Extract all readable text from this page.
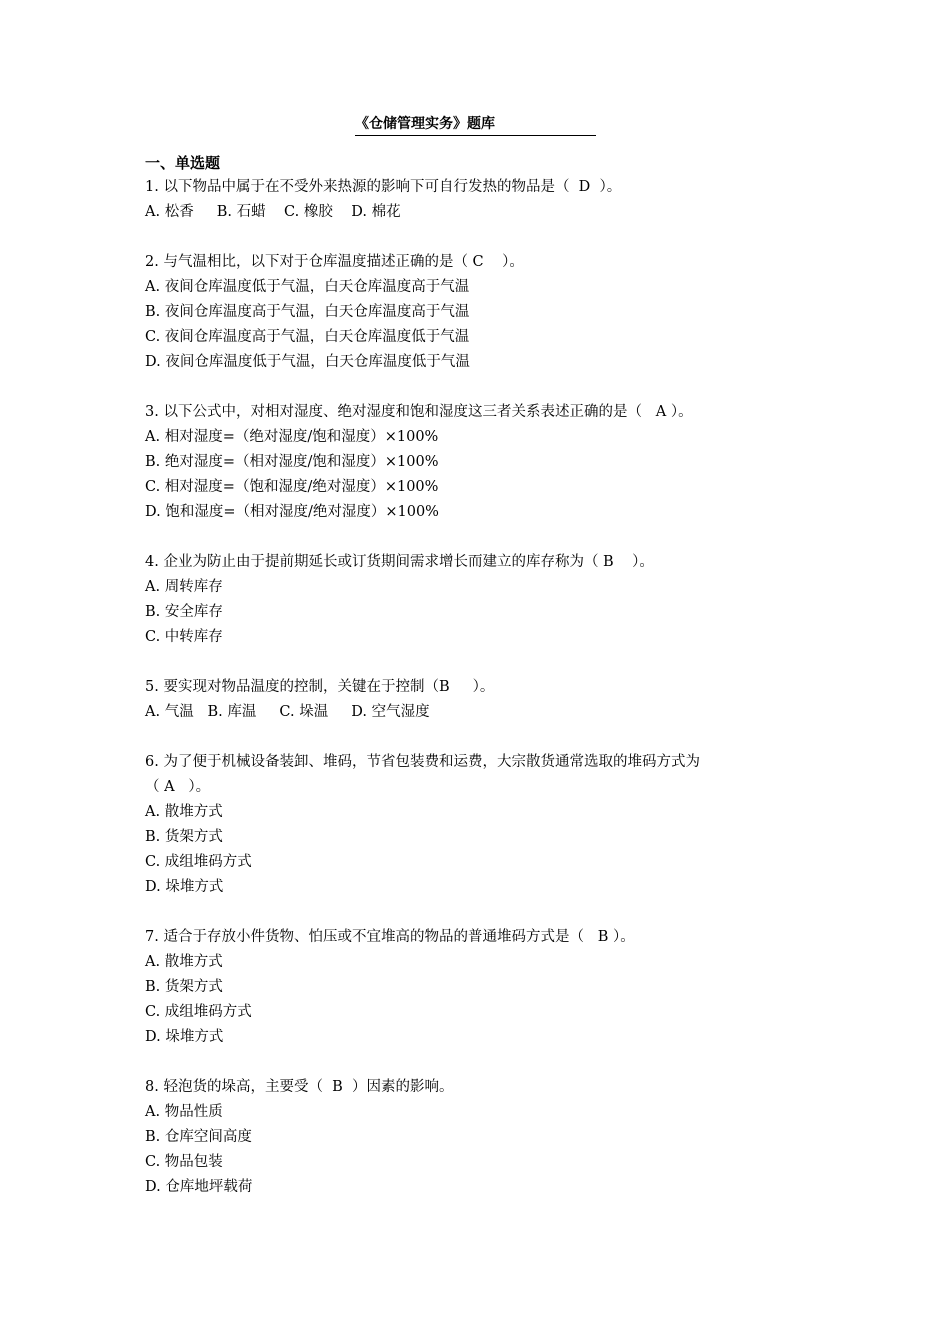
《仓储管理实务》题库
一、单选题
1. 以下物品中属于在不受外来热源的影响下可自行发热的物品是（  D  ）。
A. 松香     B. 石蜡    C. 橡胶    D. 棉花
2. 与气温相比，以下对于仓库温度描述正确的是（ C    ）。
A. 夜间仓库温度低于气温，白天仓库温度高于气温
B. 夜间仓库温度高于气温，白天仓库温度高于气温
C. 夜间仓库温度高于气温，白天仓库温度低于气温
D. 夜间仓库温度低于气温，白天仓库温度低于气温
3. 以下公式中，对相对湿度、绝对湿度和饱和湿度这三者关系表述正确的是（   A ）。
A. 相对湿度=（绝对湿度/饱和湿度）×100%
B. 绝对湿度=（相对湿度/饱和湿度）×100%
C. 相对湿度=（饱和湿度/绝对湿度）×100%
D. 饱和湿度=（相对湿度/绝对湿度）×100%
4. 企业为防止由于提前期延长或订货期间需求增长而建立的库存称为（ B    ）。
A. 周转库存
B. 安全库存
C. 中转库存
5. 要实现对物品温度的控制，关键在于控制（B     ）。
A. 气温   B. 库温     C. 垛温     D. 空气湿度
6. 为了便于机械设备装卸、堆码，节省包装费和运费，大宗散货通常选取的堆码方式为
（ A   ）。
A. 散堆方式
B. 货架方式
C. 成组堆码方式
D. 垛堆方式
7. 适合于存放小件货物、怕压或不宜堆高的物品的普通堆码方式是（   B ）。
A. 散堆方式
B. 货架方式
C. 成组堆码方式
D. 垛堆方式
8. 轻泡货的垛高，主要受（  B  ）因素的影响。
A. 物品性质
B. 仓库空间高度
C. 物品包装
D. 仓库地坪载荷
